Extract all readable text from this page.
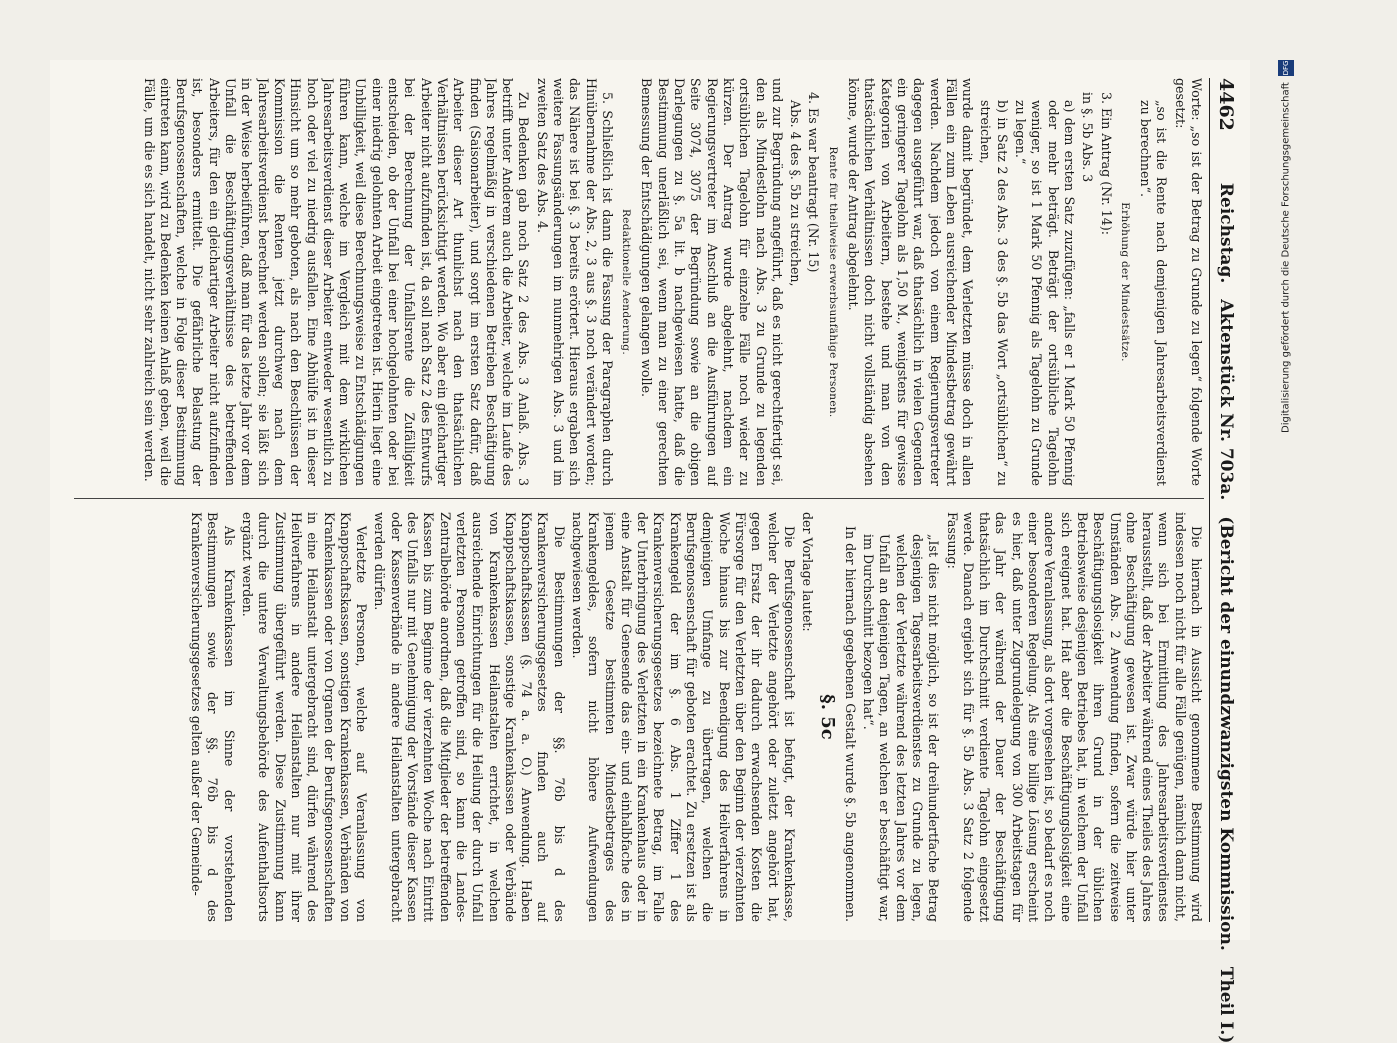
4462
Reichstag.
Aktenstück Nr. 703a.
(Bericht der einundzwanzigsten Kommission.
Theil I.)

Worte: „so ist der Betrag zu Grunde zu legen“ folgende Worte gesetzt:

„so ist die Rente nach demjenigen Jahresarbeitsverdienst zu berechnen“.

Erhöhung der Mindestsätze.

3. Ein Antrag (Nr. 14):

in §. 5b Abs. 3

a) dem ersten Satz zuzufügen: „falls er 1 Mark 50 Pfennig oder mehr beträgt. Beträgt der ortsübliche Tagelohn weniger, so ist 1 Mark 50 Pfennig als Tagelohn zu Grunde zu legen.“

b) in Satz 2 des Abs. 3 des §. 5b das Wort „ortsüblichen“ zu streichen,

wurde damit begründet, dem Verletzten müsse doch in allen Fällen ein zum Leben ausreichender Mindestbetrag gewährt werden. Nachdem jedoch von einem Regierungsvertreter dagegen ausgeführt war, daß thatsächlich in vielen Gegenden ein geringerer Tagelohn als 1,50 M., wenigstens für gewisse Kategorien von Arbeitern, bestehe und man von den thatsächlichen Verhältnissen doch nicht vollständig absehen könne, wurde der Antrag abgelehnt.

Rente für theilweise erwerbsunfähige Personen.

4. Es war beantragt (Nr. 15)

Abs. 4 des §. 5b zu streichen,

und zur Begründung angeführt, daß es nicht gerechtfertigt sei, den als Mindestlohn nach Abs. 3 zu Grunde zu legenden ortsüblichen Tagelohn für einzelne Fälle noch wieder zu kürzen. Der Antrag wurde abgelehnt, nachdem ein Regierungsvertreter im Anschluß an die Ausführungen auf Seite 3074, 3075 der Begründung sowie an die obigen Darlegungen zu §. 5a lit. b nachgewiesen hatte, daß die Bestimmung unerläßlich sei, wenn man zu einer gerechten Bemessung der Entschädigungen gelangen wolle.

Redaktionelle Aenderung.

5. Schließlich ist dann die Fassung der Paragraphen durch Hinübernahme der Abs. 2, 3 aus §. 3 noch verändert worden; das Nähere ist bei §. 3 bereits erörtert. Hieraus ergaben sich weitere Fassungsänderungen im nunmehrigen Abs. 3 und im zweiten Satz des Abs. 4.

Zu Bedenken gab noch Satz 2 des Abs. 3 Anlaß. Abs. 3 betrifft unter Anderem auch die Arbeiter, welche im Laufe des Jahres regelmäßig in verschiedenen Betrieben Beschäftigung finden (Saisonarbeiter), und sorgt im ersten Satz dafür, daß Arbeiter dieser Art thunlichst nach den thatsächlichen Verhältnissen berücksichtigt werden. Wo aber ein gleichartiger Arbeiter nicht aufzufinden ist, da soll nach Satz 2 des Entwurfs bei der Berechnung der Unfallsrente die Zufälligkeit entscheiden, ob der Unfall bei einer hochgelohnten oder bei einer niedrig gelohnten Arbeit eingetreten ist. Hierin liegt eine Unbilligkeit, weil diese Berechnungsweise zu Entschädigungen führen kann, welche im Vergleich mit dem wirklichen Jahresarbeitsverdienst dieser Arbeiter entweder wesentlich zu hoch oder viel zu niedrig ausfallen. Eine Abhülfe ist in dieser Hinsicht um so mehr geboten, als nach den Beschlüssen der Kommission die Renten jetzt durchweg nach dem Jahresarbeitsverdienst berechnet werden sollen; sie läßt sich in der Weise herbeiführen, daß man für das letzte Jahr vor dem Unfall die Beschäftigungsverhältnisse des betreffenden Arbeiters, für den ein gleichartiger Arbeiter nicht aufzufinden ist, besonders ermittelt. Die gefährliche Belastung der Berufsgenossenschaften, welche in Folge dieser Bestimmung eintreten kann, wird zu Bedenken keinen Anlaß geben, weil die Fälle, um die es sich handelt, nicht sehr zahlreich sein werden.

Die hiernach in Aussicht genommene Bestimmung wird indessen noch nicht für alle Fälle genügen, nämlich dann nicht, wenn sich bei Ermittlung des Jahresarbeitsverdienstes herausstellt, daß der Arbeiter während eines Theiles des Jahres ohne Beschäftigung gewesen ist. Zwar würde hier unter Umständen Abs. 2 Anwendung finden, sofern die zeitweise Beschäftigungslosigkeit ihren Grund in der üblichen Betriebsweise desjenigen Betriebes hat, in welchem der Unfall sich ereignet hat. Hat aber die Beschäftigungslosigkeit eine andere Veranlassung, als dort vorgesehen ist, so bedarf es noch einer besonderen Regelung. Als eine billige Lösung erscheint es hier, daß unter Zugrundelegung von 300 Arbeitstagen für das Jahr der während der Dauer der Beschäftigung thatsächlich im Durchschnitt verdiente Tagelohn eingesetzt werde. Danach ergiebt sich für §. 5b Abs. 3 Satz 2 folgende Fassung:

„Ist dies nicht möglich, so ist der dreihundertfache Betrag desjenigen Tagesarbeitsverdienstes zu Grunde zu legen, welchen der Verletzte während des letzten Jahres vor dem Unfall an denjenigen Tagen, an welchen er beschäftigt war, im Durchschnitt bezogen hat“.

In der hiernach gegebenen Gestalt wurde §. 5b angenommen.

§. 5c

der Vorlage lautet:

Die Berufsgenossenschaft ist befugt, der Krankenkasse, welcher der Verletzte angehört oder zuletzt angehört hat, gegen Ersatz der ihr dadurch erwachsenden Kosten die Fürsorge für den Verletzten über den Beginn der vierzehnten Woche hinaus bis zur Beendigung des Heilverfahrens in demjenigen Umfange zu übertragen, welchen die Berufsgenossenschaft für geboten erachtet. Zu ersetzen ist als Krankengeld der im §. 6 Abs. 1 Ziffer 1 des Krankenversicherungsgesetzes bezeichnete Betrag, im Falle der Unterbringung des Verletzten in ein Krankenhaus oder in eine Anstalt für Genesende das ein- und einhalbfache des in jenem Gesetze bestimmten Mindestbetrages des Krankengeldes, sofern nicht höhere Aufwendungen nachgewiesen werden.

Die Bestimmungen der §§. 76b bis d des Krankenversicherungsgesetzes finden auch auf Knappschaftskassen (§. 74 a. a. O.) Anwendung. Haben Knappschaftskassen, sonstige Krankenkassen oder Verbände von Krankenkassen Heilanstalten errichtet, in welchen ausreichende Einrichtungen für die Heilung der durch Unfall verletzten Personen getroffen sind, so kann die Landes-Zentralbehörde anordnen, daß die Mitglieder der betreffenden Kassen bis zum Beginne der vierzehnten Woche nach Eintritt des Unfalls nur mit Genehmigung der Vorstände dieser Kassen oder Kassenverbände in andere Heilanstalten untergebracht werden dürfen.

Verletzte Personen, welche auf Veranlassung von Knappschaftskassen, sonstigen Krankenkassen, Verbänden von Krankenkassen oder von Organen der Berufsgenossenschaften in eine Heilanstalt untergebracht sind, dürfen während des Heilverfahrens in andere Heilanstalten nur mit ihrer Zustimmung übergeführt werden. Diese Zustimmung kann durch die untere Verwaltungsbehörde des Aufenthaltsorts ergänzt werden.

Als Krankenkassen im Sinne der vorstehenden Bestimmungen sowie der §§. 76b bis d des Krankenversicherungsgesetzes gelten außer der Gemeinde-

Digitalisierung gefördert durch die Deutsche Forschungsgemeinschaft
DFG
